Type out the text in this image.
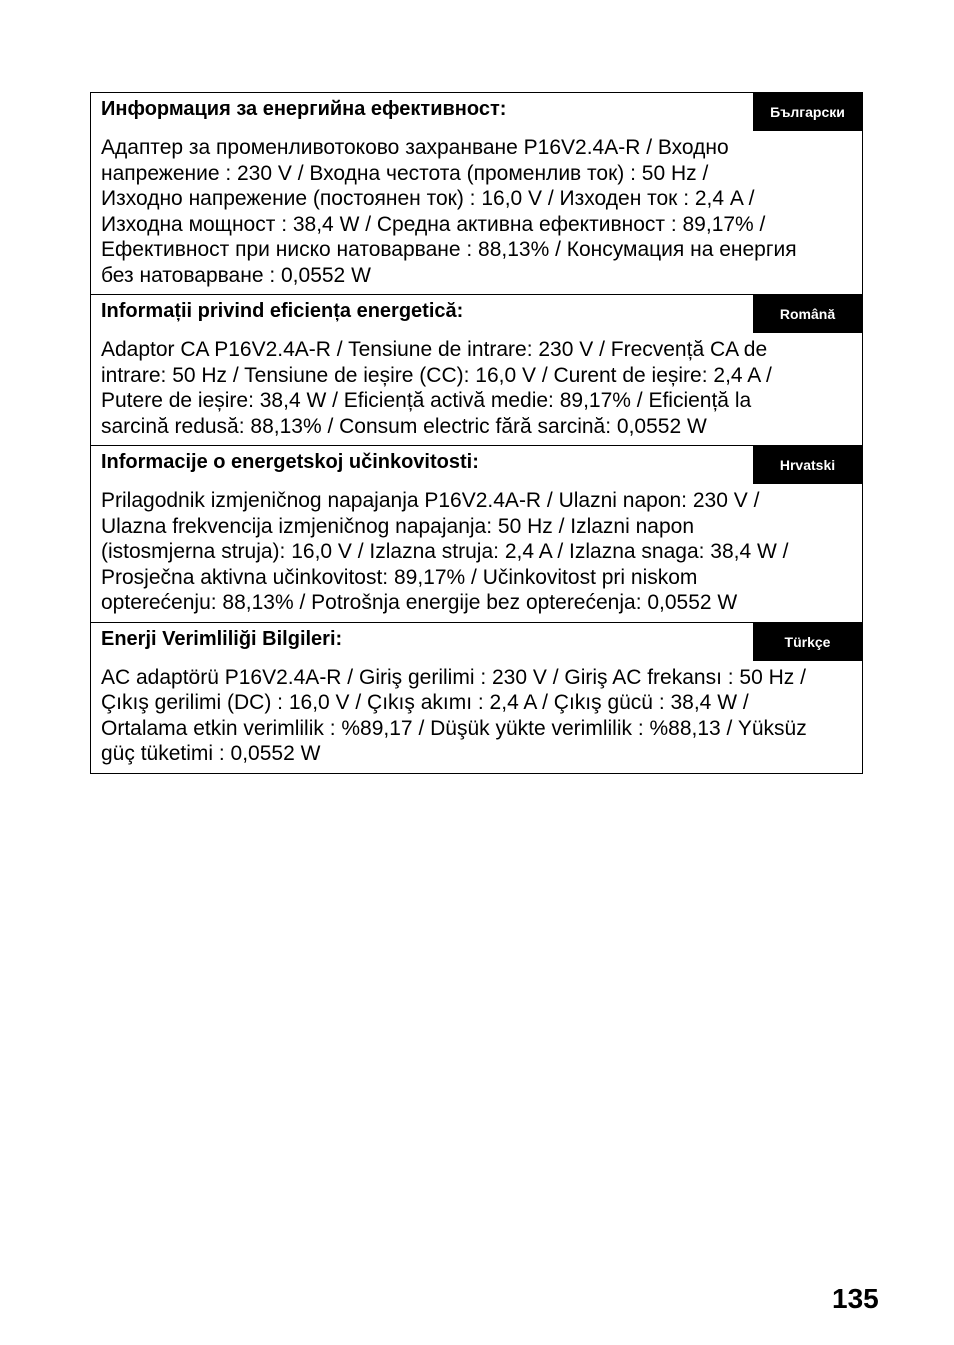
Информация за енергийна ефективност:	Български
Адаптер за променливотоково захранване P16V2.4A-R / Входно
напрежение : 230 V / Входна честота (променлив ток) : 50 Hz /
Изходно напрежение (постоянен ток) : 16,0 V / Изходен ток : 2,4 A /
Изходна мощност : 38,4 W / Средна активна ефективност : 89,17% /
Ефективност при ниско натоварване : 88,13% / Консумация на енергия
без натоварване : 0,0552 W
Informații privind eficiența energetică:	Română
Adaptor CA P16V2.4A-R / Tensiune de intrare: 230 V / Frecvență CA de
intrare: 50 Hz / Tensiune de ieșire (CC): 16,0 V / Curent de ieșire: 2,4 A /
Putere de ieșire: 38,4 W / Eficiență activă medie: 89,17% / Eficiență la
sarcină redusă: 88,13% / Consum electric fără sarcină: 0,0552 W
Informacije o energetskoj učinkovitosti:	Hrvatski
Prilagodnik izmjeničnog napajanja P16V2.4A-R / Ulazni napon: 230 V /
Ulazna frekvencija izmjeničnog napajanja: 50 Hz / Izlazni napon
(istosmjerna struja): 16,0 V / Izlazna struja: 2,4 A / Izlazna snaga: 38,4 W /
Prosječna aktivna učinkovitost: 89,17% / Učinkovitost pri niskom
opterećenju: 88,13% / Potrošnja energije bez opterećenja: 0,0552 W
Enerji Verimliliği Bilgileri:	Türkçe
AC adaptörü P16V2.4A-R / Giriş gerilimi : 230 V / Giriş AC frekansı : 50 Hz /
Çıkış gerilimi (DC) : 16,0 V / Çıkış akımı : 2,4 A / Çıkış gücü : 38,4 W /
Ortalama etkin verimlilik : %89,17 / Düşük yükte verimlilik : %88,13 / Yüksüz
güç tüketimi : 0,0552 W
135
